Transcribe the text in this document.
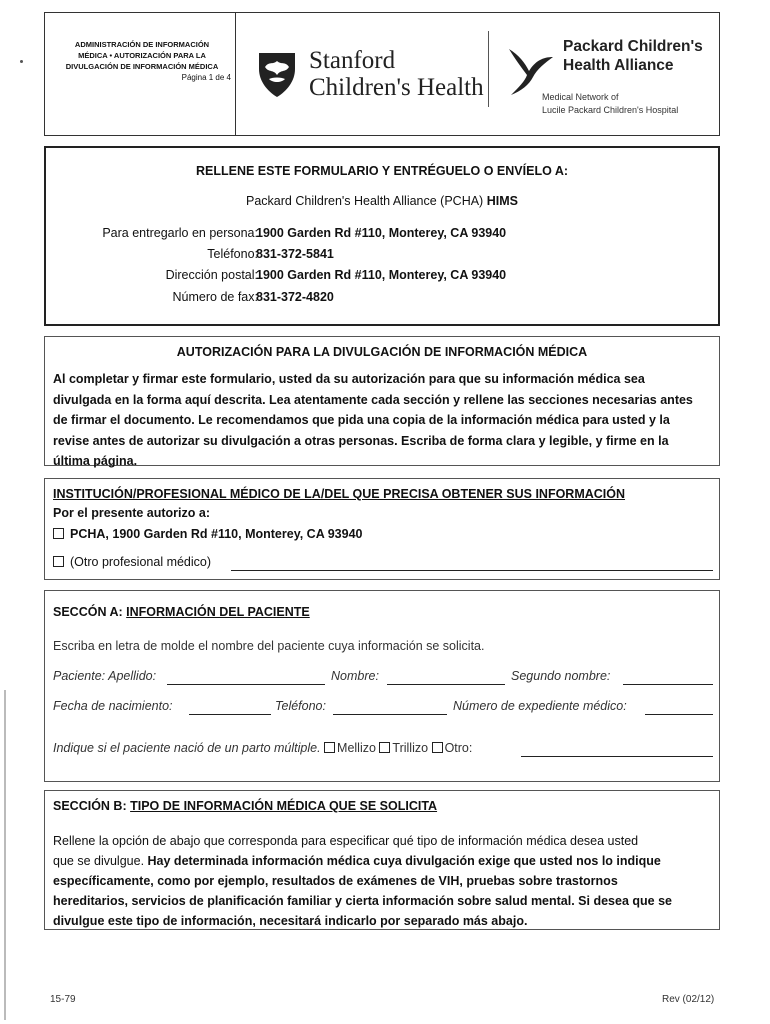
ADMINISTRACIÓN DE INFORMACIÓN
MÉDICA • AUTORIZACIÓN PARA LA
DIVULGACIÓN DE INFORMACIÓN MÉDICA
Página 1 de 4
Stanford
Children's Health
Packard Children's
Health Alliance
Medical Network of
Lucile Packard Children's Hospital
RELLENE ESTE FORMULARIO Y ENTRÉGUELO O ENVÍELO A:
Packard Children's Health Alliance (PCHA) HIMS
Para entregarlo en persona:
1900 Garden Rd #110, Monterey, CA 93940
Teléfono:
831-372-5841
Dirección postal:
1900 Garden Rd #110, Monterey, CA 93940
Número de fax:
831-372-4820
AUTORIZACIÓN PARA LA DIVULGACIÓN DE INFORMACIÓN MÉDICA
Al completar y firmar este formulario, usted da su autorización para que su información médica sea
divulgada en la forma aquí descrita. Lea atentamente cada sección y rellene las secciones necesarias antes
de firmar el documento. Le recomendamos que pida una copia de la información médica para usted y la
revise antes de autorizar su divulgación a otras personas. Escriba de forma clara y legible, y firme en la
última página.
INSTITUCIÓN/PROFESIONAL MÉDICO DE LA/DEL QUE PRECISA OBTENER SUS INFORMACIÓN
Por el presente autorizo a:
PCHA, 1900 Garden Rd #110, Monterey, CA 93940
(Otro profesional médico)
SECCÓN A: INFORMACIÓN DEL PACIENTE
Escriba en letra de molde el nombre del paciente cuya información se solicita.
Paciente: Apellido:	Nombre:	Segundo nombre:
Fecha de nacimiento:	Teléfono:	Número de expediente médico:
Indique si el paciente nació de un parto múltiple. Mellizo Trillizo Otro:
SECCIÓN B: TIPO DE INFORMACIÓN MÉDICA QUE SE SOLICITA
Rellene la opción de abajo que corresponda para especificar qué tipo de información médica desea usted
que se divulgue. Hay determinada información médica cuya divulgación exige que usted nos lo indique
específicamente, como por ejemplo, resultados de exámenes de VIH, pruebas sobre trastornos
hereditarios, servicios de planificación familiar y cierta información sobre salud mental. Si desea que se
divulgue este tipo de información, necesitará indicarlo por separado más abajo.
15-79	Rev (02/12)
